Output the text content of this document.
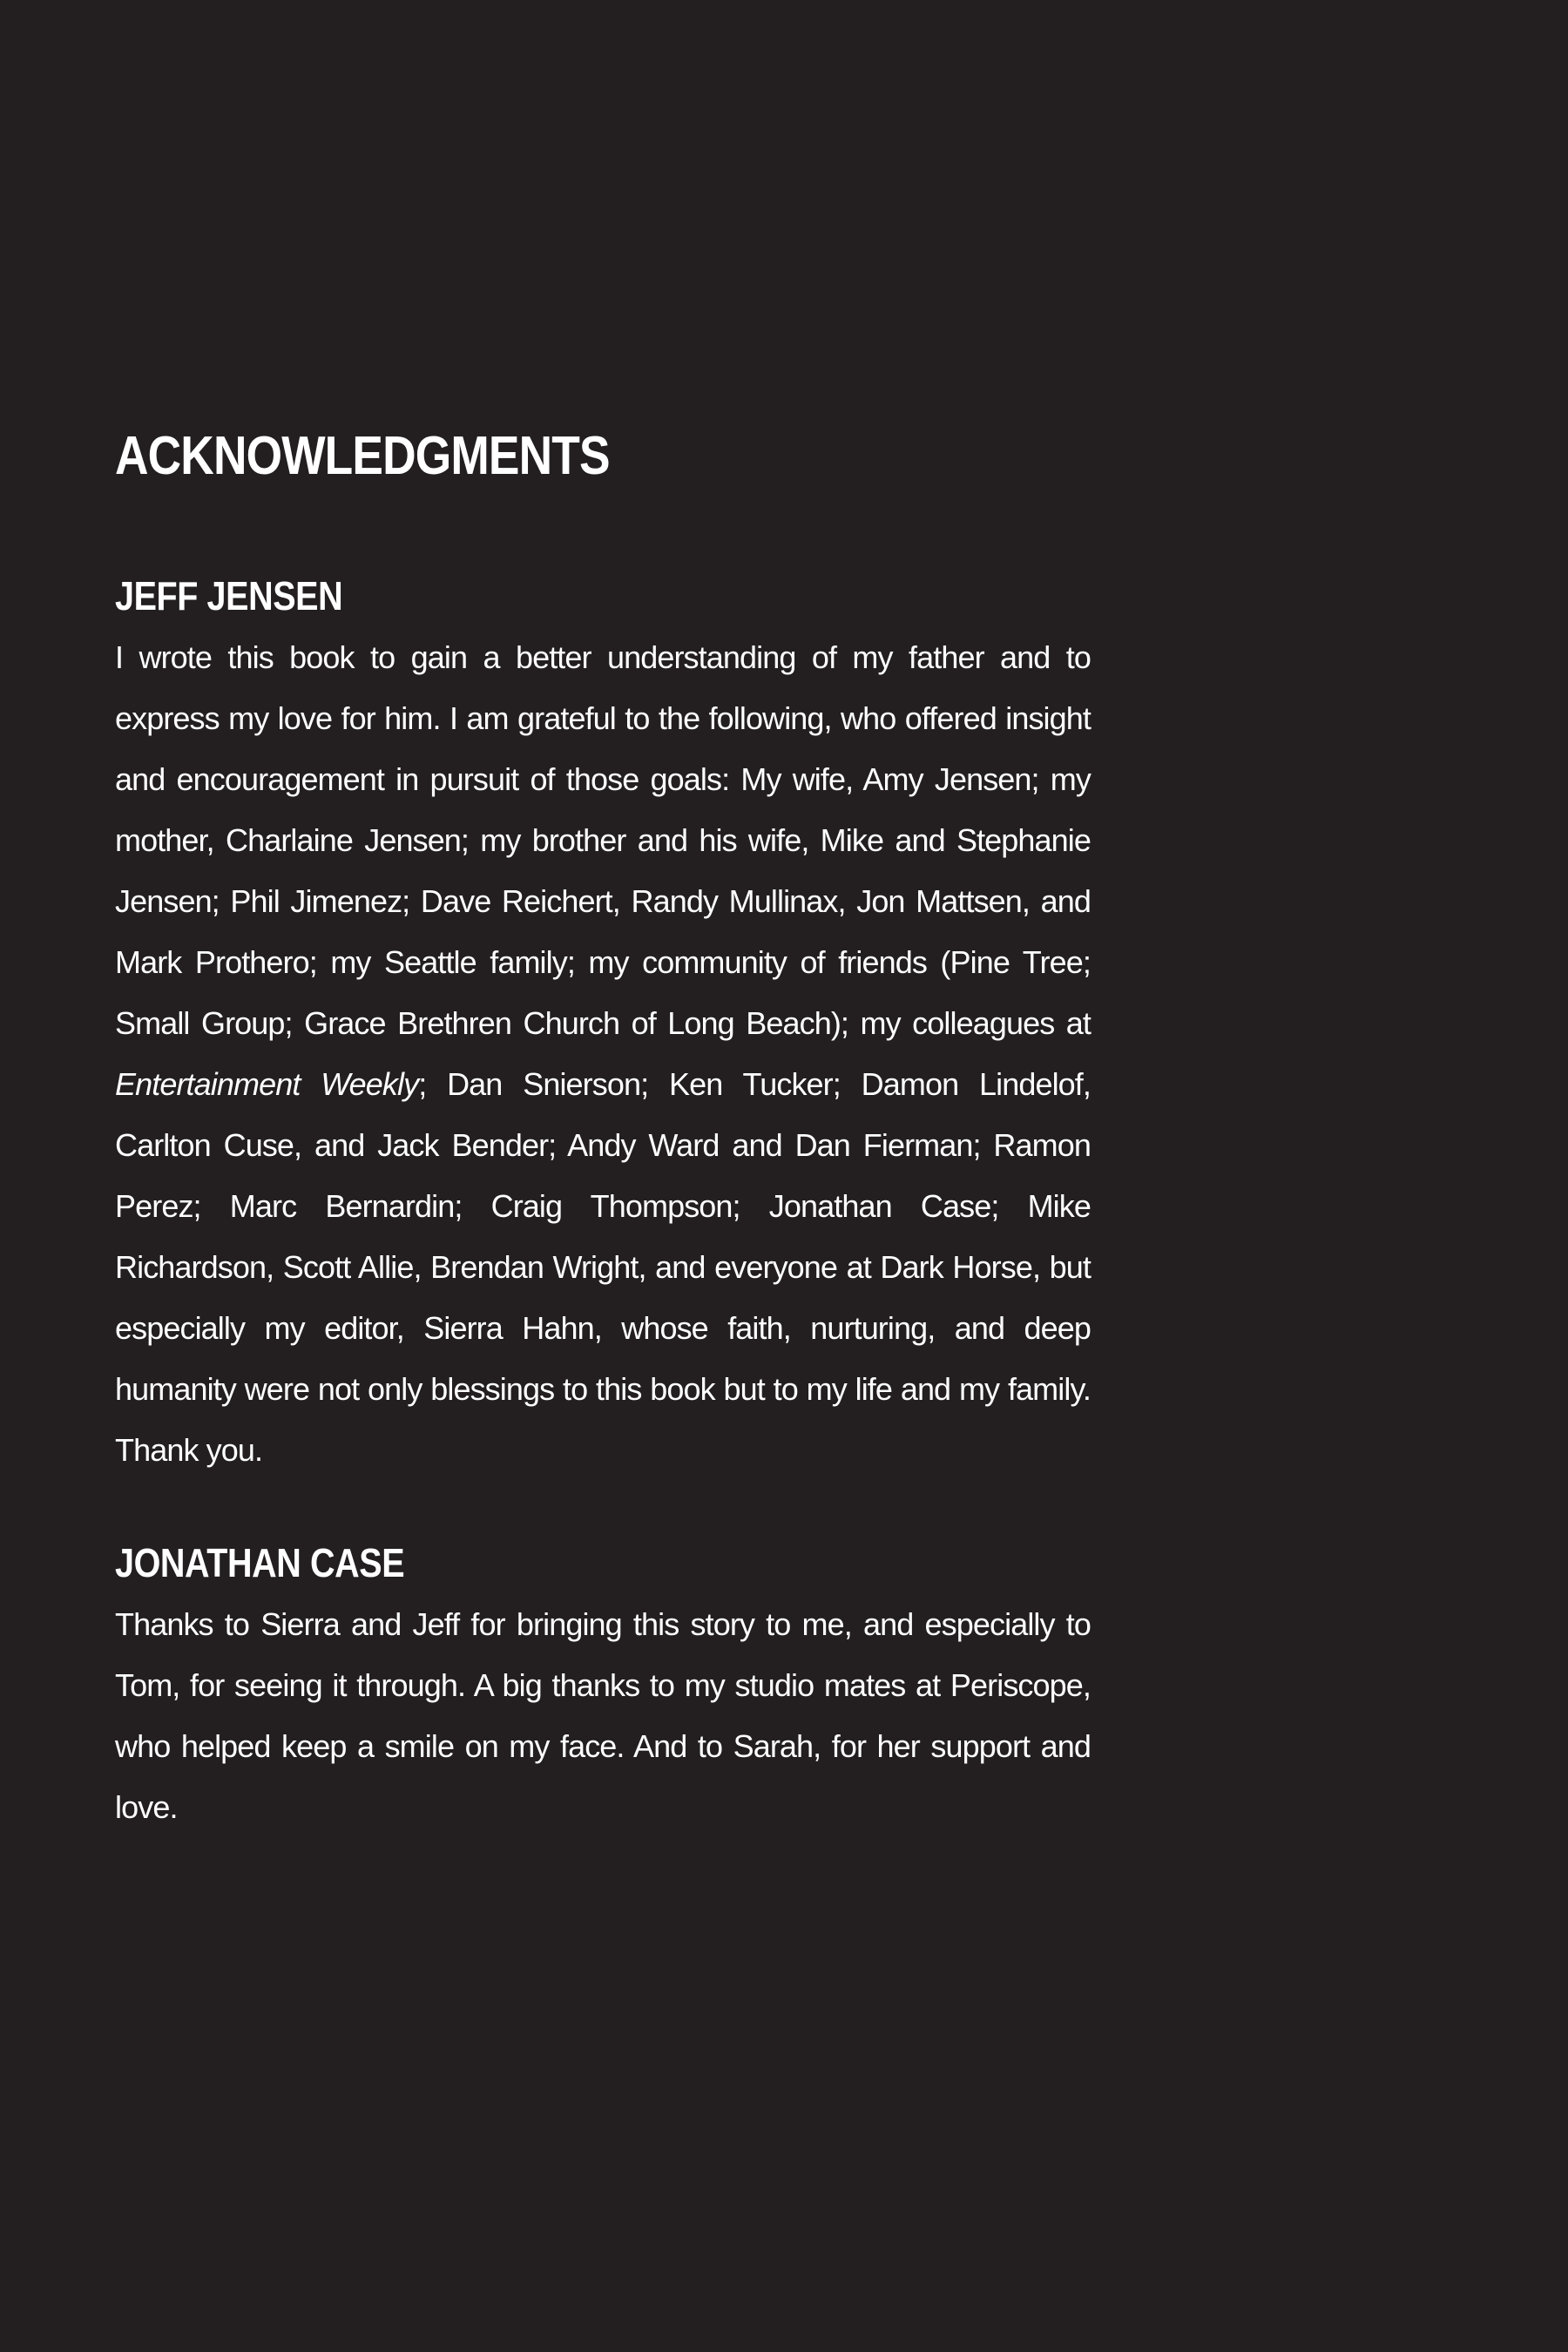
ACKNOWLEDGMENTS
JEFF JENSEN

I wrote this book to gain a better understanding of my father and to express my love for him. I am grateful to the following, who offered insight and encouragement in pursuit of those goals: My wife, Amy Jensen; my mother, Charlaine Jensen; my brother and his wife, Mike and Stephanie Jensen; Phil Jimenez; Dave Reichert, Randy Mullinax, Jon Mattsen, and Mark Prothero; my Seattle family; my community of friends (Pine Tree; Small Group; Grace Brethren Church of Long Beach); my colleagues at Entertainment Weekly; Dan Snierson; Ken Tucker; Damon Lindelof, Carlton Cuse, and Jack Bender; Andy Ward and Dan Fierman; Ramon Perez; Marc Bernardin; Craig Thompson; Jonathan Case; Mike Richardson, Scott Allie, Brendan Wright, and everyone at Dark Horse, but especially my editor, Sierra Hahn, whose faith, nurturing, and deep humanity were not only blessings to this book but to my life and my family. Thank you.

JONATHAN CASE

Thanks to Sierra and Jeff for bringing this story to me, and especially to Tom, for seeing it through. A big thanks to my studio mates at Periscope, who helped keep a smile on my face. And to Sarah, for her support and love.
